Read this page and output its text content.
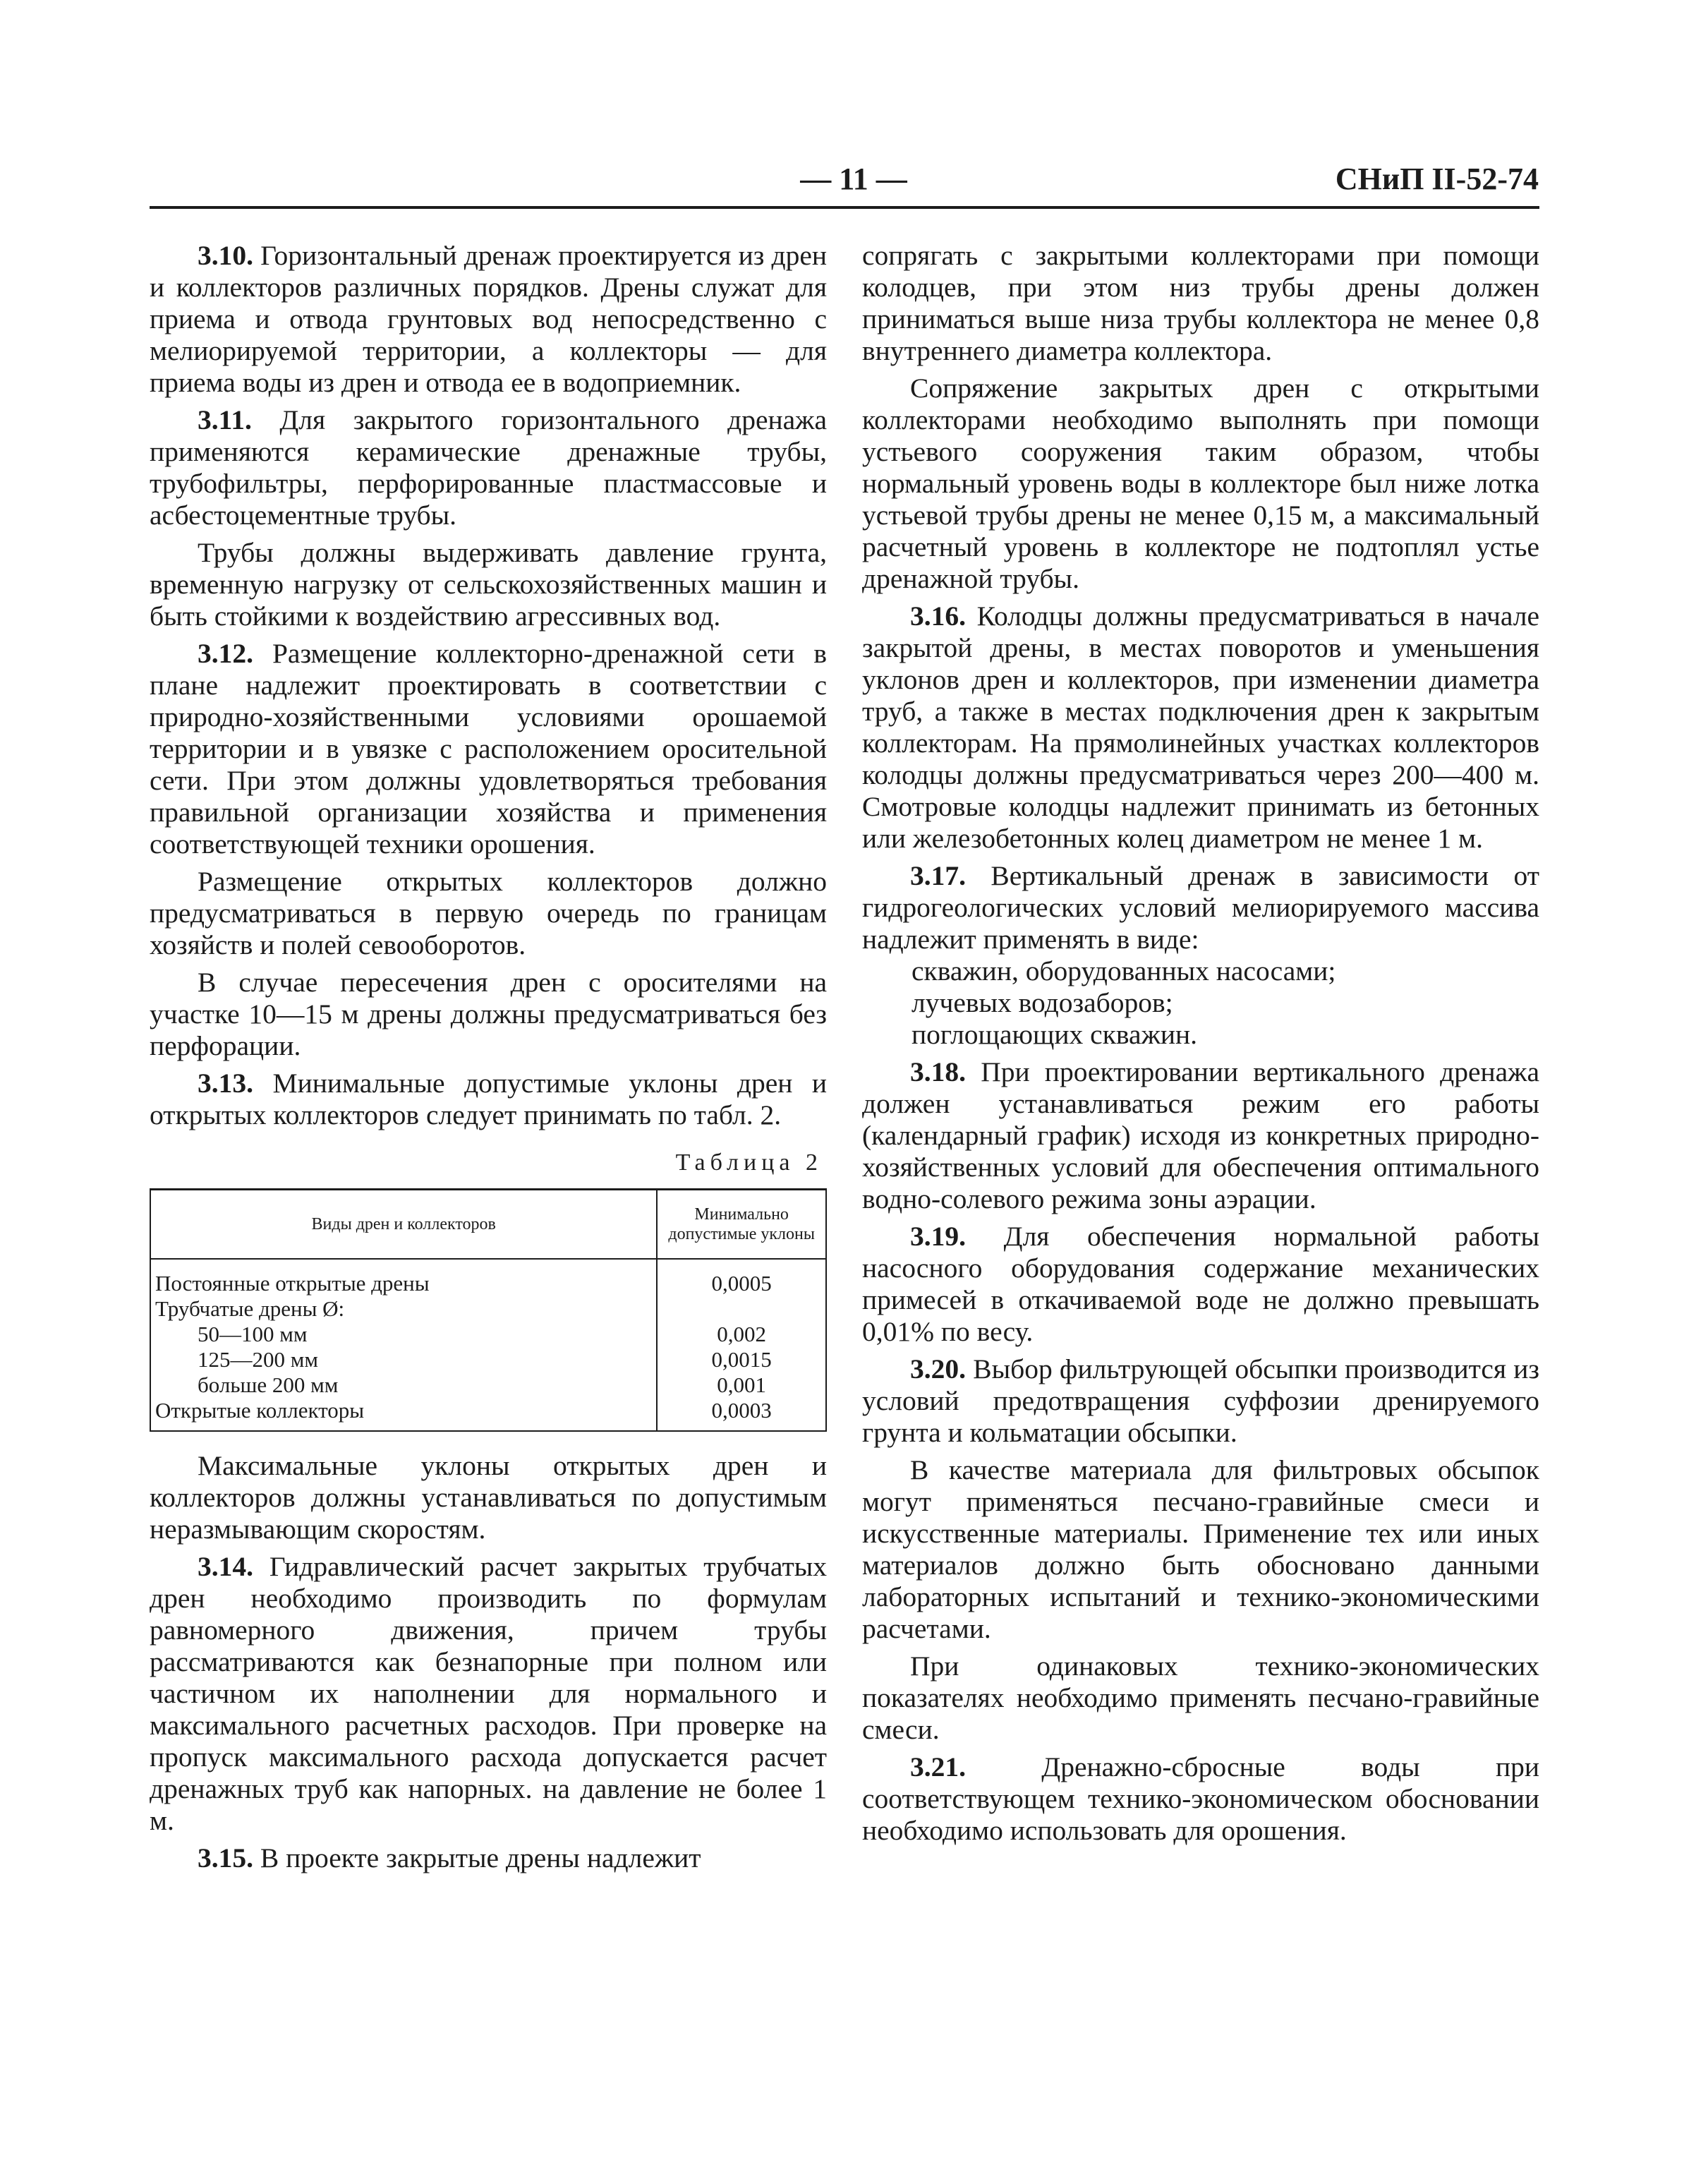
— 11 —	СНиП II-52-74

3.10. Горизонтальный дренаж проектируется из дрен и коллекторов различных порядков. Дрены служат для приема и отвода грунтовых вод непосредственно с мелиорируемой территории, а коллекторы — для приема воды из дрен и отвода ее в водоприемник.

3.11. Для закрытого горизонтального дренажа применяются керамические дренажные трубы, трубофильтры, перфорированные пластмассовые и асбестоцементные трубы.

Трубы должны выдерживать давление грунта, временную нагрузку от сельскохозяйственных машин и быть стойкими к воздействию агрессивных вод.

3.12. Размещение коллекторно-дренажной сети в плане надлежит проектировать в соответствии с природно-хозяйственными условиями орошаемой территории и в увязке с расположением оросительной сети. При этом должны удовлетворяться требования правильной организации хозяйства и применения соответствующей техники орошения.

Размещение открытых коллекторов должно предусматриваться в первую очередь по границам хозяйств и полей севооборотов.

В случае пересечения дрен с оросителями на участке 10—15 м дрены должны предусматриваться без перфорации.

3.13. Минимальные допустимые уклоны дрен и открытых коллекторов следует принимать по табл. 2.

Таблица 2
Виды дрен и коллекторов	Минимально допустимые уклоны
Постоянные открытые дрены	0,0005
Трубчатые дрены Ø:	
50—100 мм	0,002
125—200 мм	0,0015
больше 200 мм	0,001
Открытые коллекторы	0,0003

Максимальные уклоны открытых дрен и коллекторов должны устанавливаться по допустимым неразмывающим скоростям.

3.14. Гидравлический расчет закрытых трубчатых дрен необходимо производить по формулам равномерного движения, причем трубы рассматриваются как безнапорные при полном или частичном их наполнении для нормального и максимального расчетных расходов. При проверке на пропуск максимального расхода допускается расчет дренажных труб как напорных. на давление не более 1 м.

3.15. В проекте закрытые дрены надлежит

сопрягать с закрытыми коллекторами при помощи колодцев, при этом низ трубы дрены должен приниматься выше низа трубы коллектора не менее 0,8 внутреннего диаметра коллектора.

Сопряжение закрытых дрен с открытыми коллекторами необходимо выполнять при помощи устьевого сооружения таким образом, чтобы нормальный уровень воды в коллекторе был ниже лотка устьевой трубы дрены не менее 0,15 м, а максимальный расчетный уровень в коллекторе не подтоплял устье дренажной трубы.

3.16. Колодцы должны предусматриваться в начале закрытой дрены, в местах поворотов и уменьшения уклонов дрен и коллекторов, при изменении диаметра труб, а также в местах подключения дрен к закрытым коллекторам. На прямолинейных участках коллекторов колодцы должны предусматриваться через 200—400 м. Смотровые колодцы надлежит принимать из бетонных или железобетонных колец диаметром не менее 1 м.

3.17. Вертикальный дренаж в зависимости от гидрогеологических условий мелиорируемого массива надлежит применять в виде:

скважин, оборудованных насосами;
лучевых водозаборов;
поглощающих скважин.

3.18. При проектировании вертикального дренажа должен устанавливаться режим его работы (календарный график) исходя из конкретных природно-хозяйственных условий для обеспечения оптимального водно-солевого режима зоны аэрации.

3.19. Для обеспечения нормальной работы насосного оборудования содержание механических примесей в откачиваемой воде не должно превышать 0,01% по весу.

3.20. Выбор фильтрующей обсыпки производится из условий предотвращения суффозии дренируемого грунта и кольматации обсыпки.

В качестве материала для фильтровых обсыпок могут применяться песчано-гравийные смеси и искусственные материалы. Применение тех или иных материалов должно быть обосновано данными лабораторных испытаний и технико-экономическими расчетами.

При одинаковых технико-экономических показателях необходимо применять песчано-гравийные смеси.

3.21.	Дренажно-сбросные воды при соответствующем технико-экономическом обосновании необходимо использовать для орошения.
